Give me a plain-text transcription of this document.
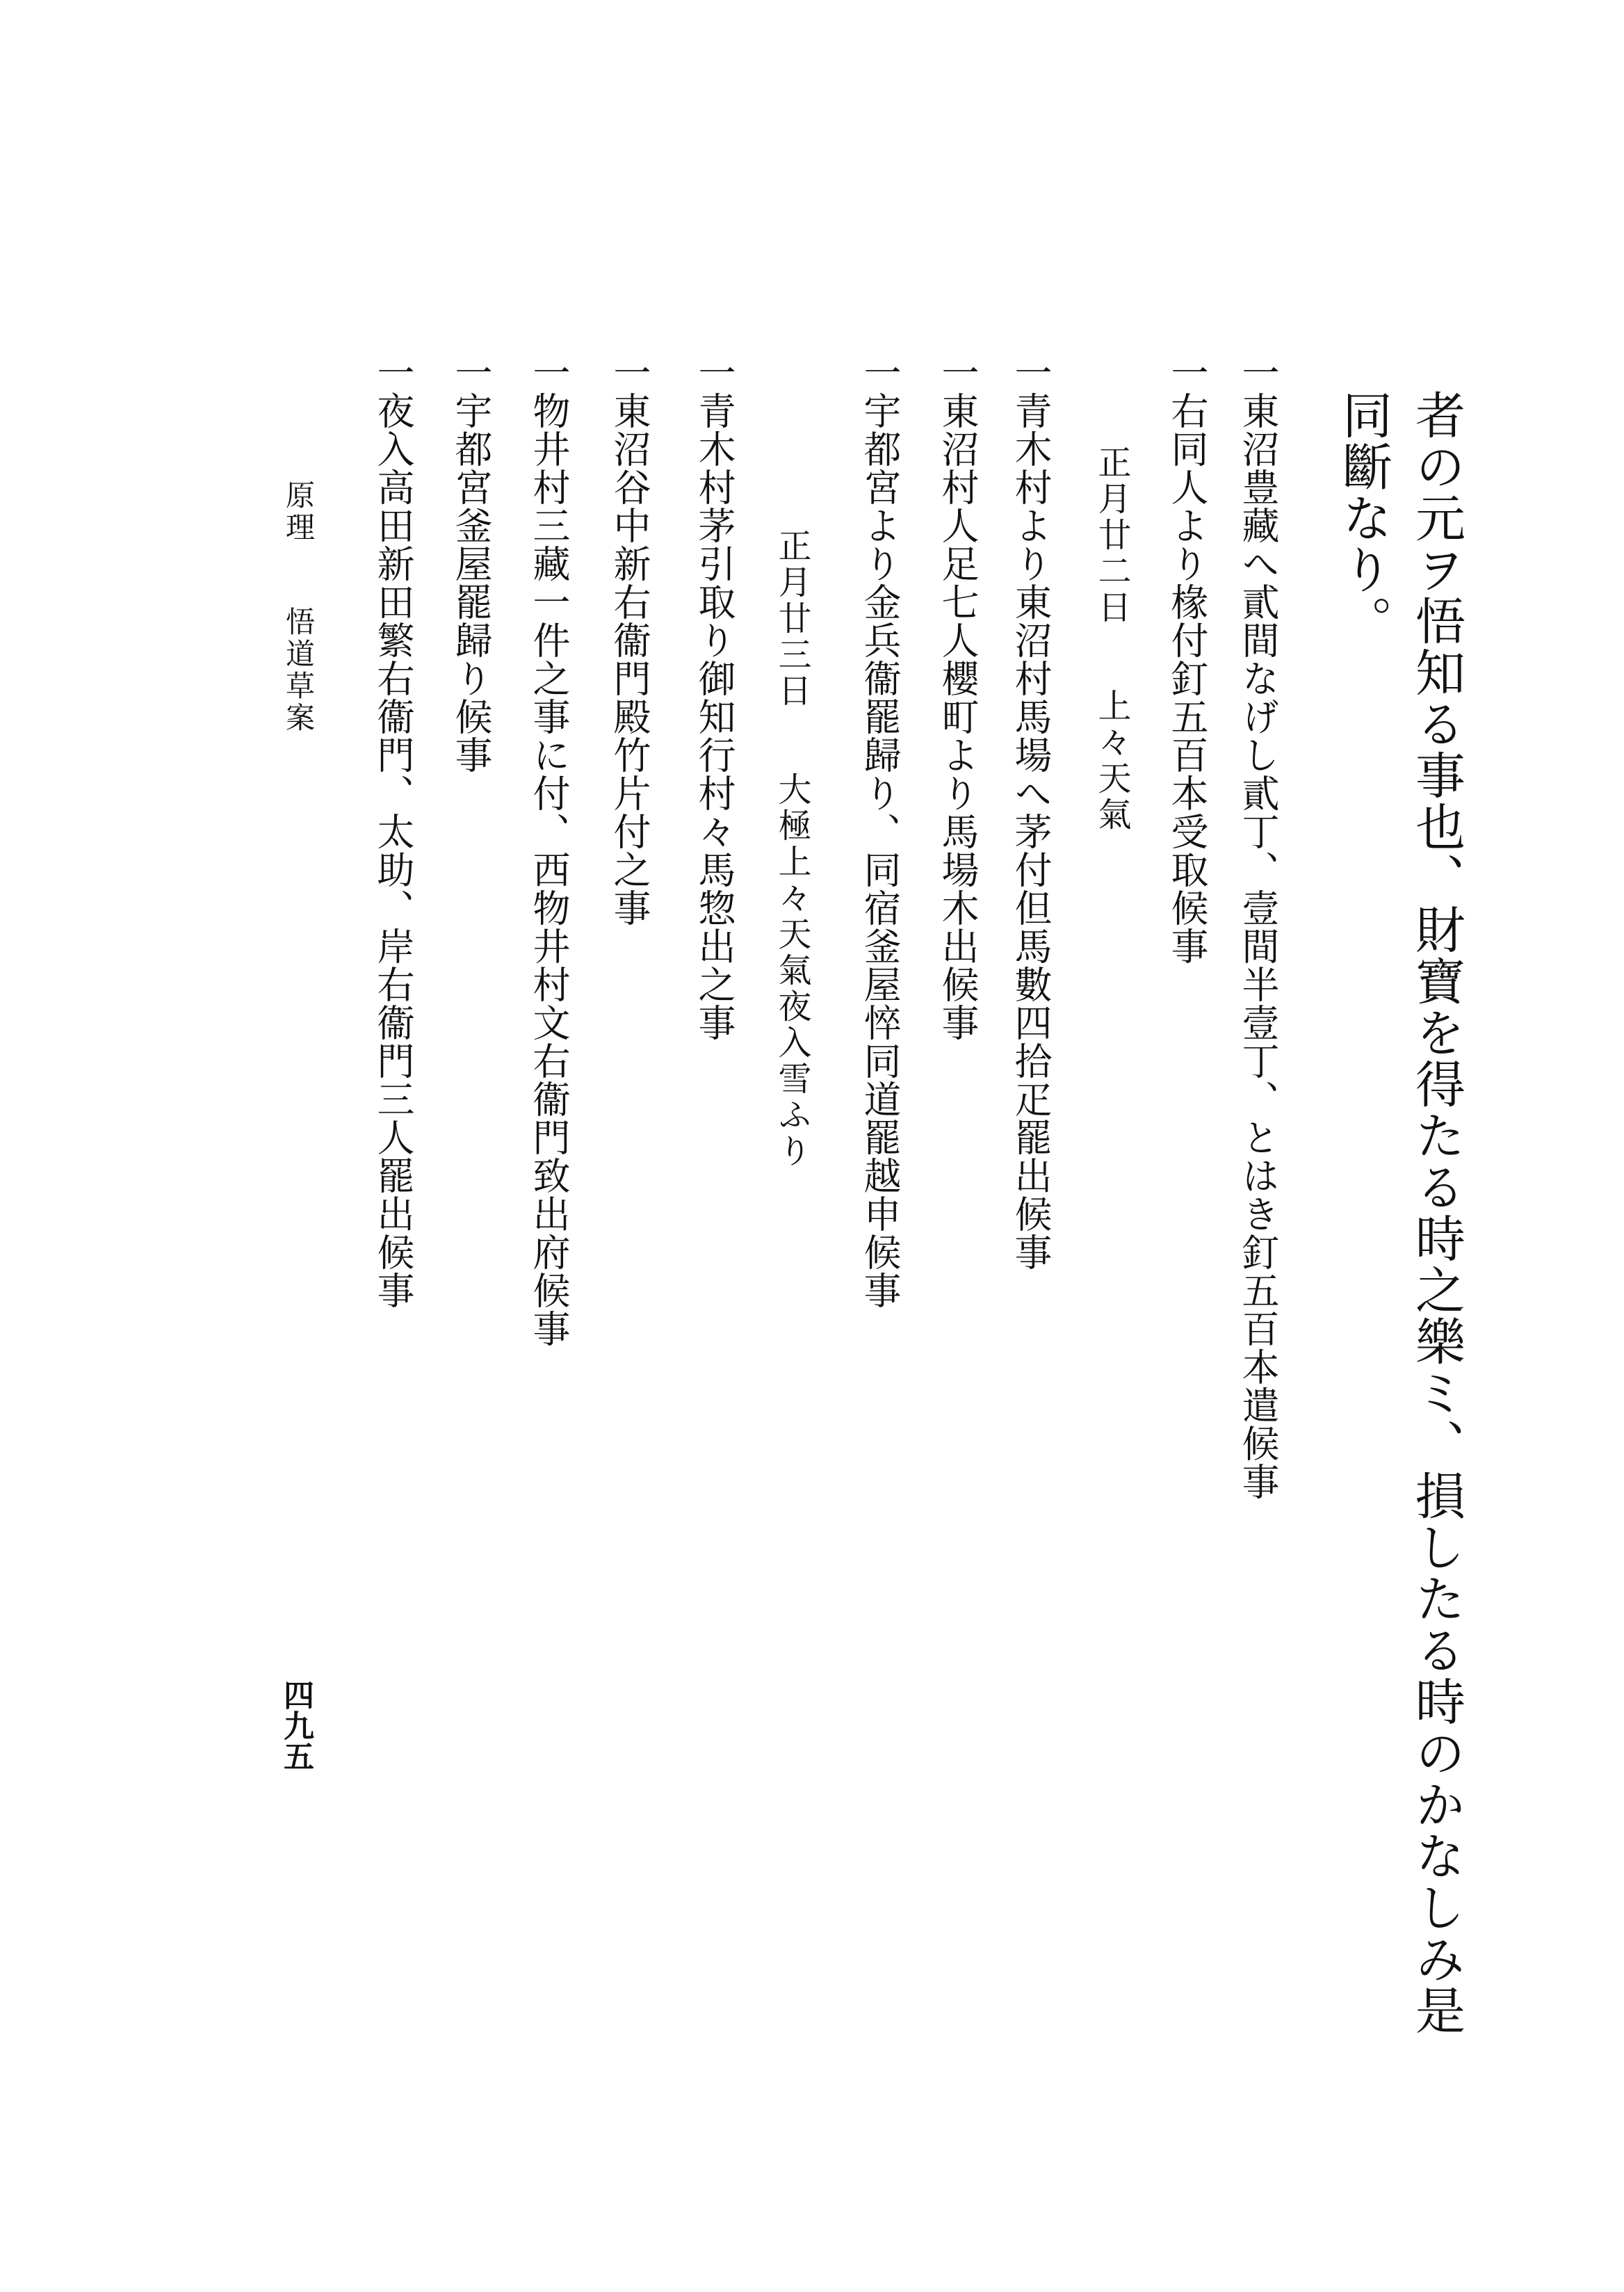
者の元ヲ悟知る事也、財寶を得たる時之樂ミ、損したる時のかなしみ是
同斷なり。
一東沼豊藏へ貳間なげし貳丁、壹間半壹丁、とはき釘五百本遣候事
一右同人より椽付釘五百本受取候事
正月廿二日上々天氣
一青木村より東沼村馬場へ茅付但馬數四拾疋罷出候事
一東沼村人足七人櫻町より馬場木出候事
一宇都宮より金兵衞罷歸り、同宿釜屋悴同道罷越申候事
正月廿三日大極上々天氣夜入雪ふり
一青木村茅引取り御知行村々馬惣出之事
一東沼谷中新右衞門殿竹片付之事
一物井村三藏一件之事に付、西物井村文右衞門致出府候事
一宇都宮釜屋罷歸り候事
一夜入高田新田繁右衞門、太助、岸右衞門三人罷出候事
原理悟道草案
四九五
